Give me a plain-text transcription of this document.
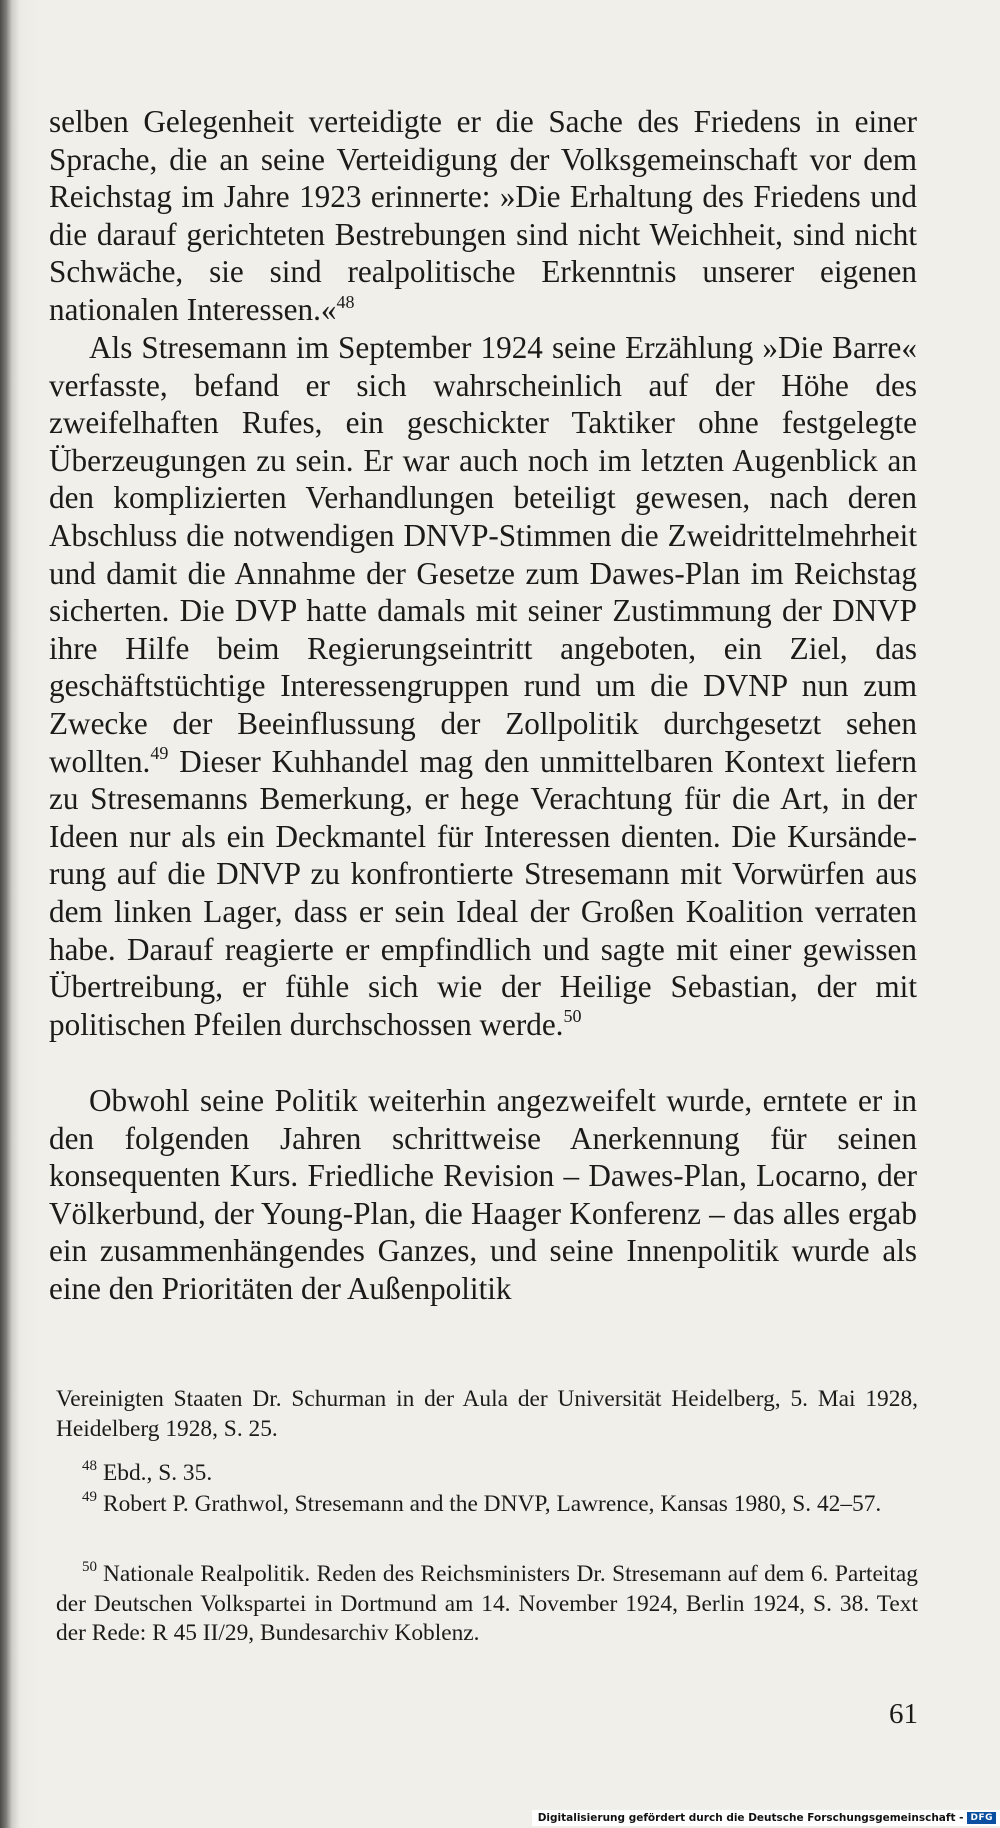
selben Gelegenheit verteidigte er die Sache des Friedens in einer Sprache, die an seine Verteidigung der Volksgemeinschaft vor dem Reichstag im Jahre 1923 erinnerte: »Die Erhaltung des Friedens und die darauf gerichteten Bestrebungen sind nicht Weichheit, sind nicht Schwäche, sie sind realpolitische Erkenntnis unserer eigenen nationalen Interessen.«$^{48}$

Als Stresemann im September 1924 seine Erzählung »Die Barre« verfasste, befand er sich wahrscheinlich auf der Höhe des zweifelhaften Rufes, ein geschickter Taktiker ohne festgelegte Überzeugungen zu sein. Er war auch noch im letzten Augenblick an den komplizierten Verhandlungen beteiligt gewesen, nach deren Abschluss die notwendigen DNVP-Stimmen die Zweidrittelmehrheit und damit die Annahme der Gesetze zum Dawes-Plan im Reichstag sicherten. Die DVP hatte damals mit seiner Zustimmung der DNVP ihre Hilfe beim Regierungseintritt angeboten, ein Ziel, das geschäftstüchtige Interessengruppen rund um die DVNP nun zum Zwecke der Beeinflussung der Zollpolitik durchgesetzt sehen wollten.$^{49}$ Dieser Kuhhandel mag den unmittelbaren Kontext liefern zu Stresemanns Bemerkung, er hege Verachtung für die Art, in der Ideen nur als ein Deckmantel für Interessen dienten. Die Kursänderung auf die DNVP zu konfrontierte Stresemann mit Vorwürfen aus dem linken Lager, dass er sein Ideal der Großen Koalition verraten habe. Darauf reagierte er empfindlich und sagte mit einer gewissen Übertreibung, er fühle sich wie der Heilige Sebastian, der mit politischen Pfeilen durchschossen werde.$^{50}$

Obwohl seine Politik weiterhin angezweifelt wurde, erntete er in den folgenden Jahren schrittweise Anerkennung für seinen konsequenten Kurs. Friedliche Revision – Dawes-Plan, Locarno, der Völkerbund, der Young-Plan, die Haager Konferenz – das alles ergab ein zusammenhängendes Ganzes, und seine Innenpolitik wurde als eine den Prioritäten der Außenpolitik

Vereinigten Staaten Dr. Schurman in der Aula der Universität Heidelberg, 5. Mai 1928, Heidelberg 1928, S. 25.

$^{48}$ Ebd., S. 35.

$^{49}$ Robert P. Grathwol, Stresemann and the DNVP, Lawrence, Kansas 1980, S. 42–57.

$^{50}$ Nationale Realpolitik. Reden des Reichsministers Dr. Stresemann auf dem 6. Parteitag der Deutschen Volkspartei in Dortmund am 14. November 1924, Berlin 1924, S. 38. Text der Rede: R 45 II/29, Bundesarchiv Koblenz.

61
Digitalisierung gefördert durch die Deutsche Forschungsgemeinschaft - DFG
